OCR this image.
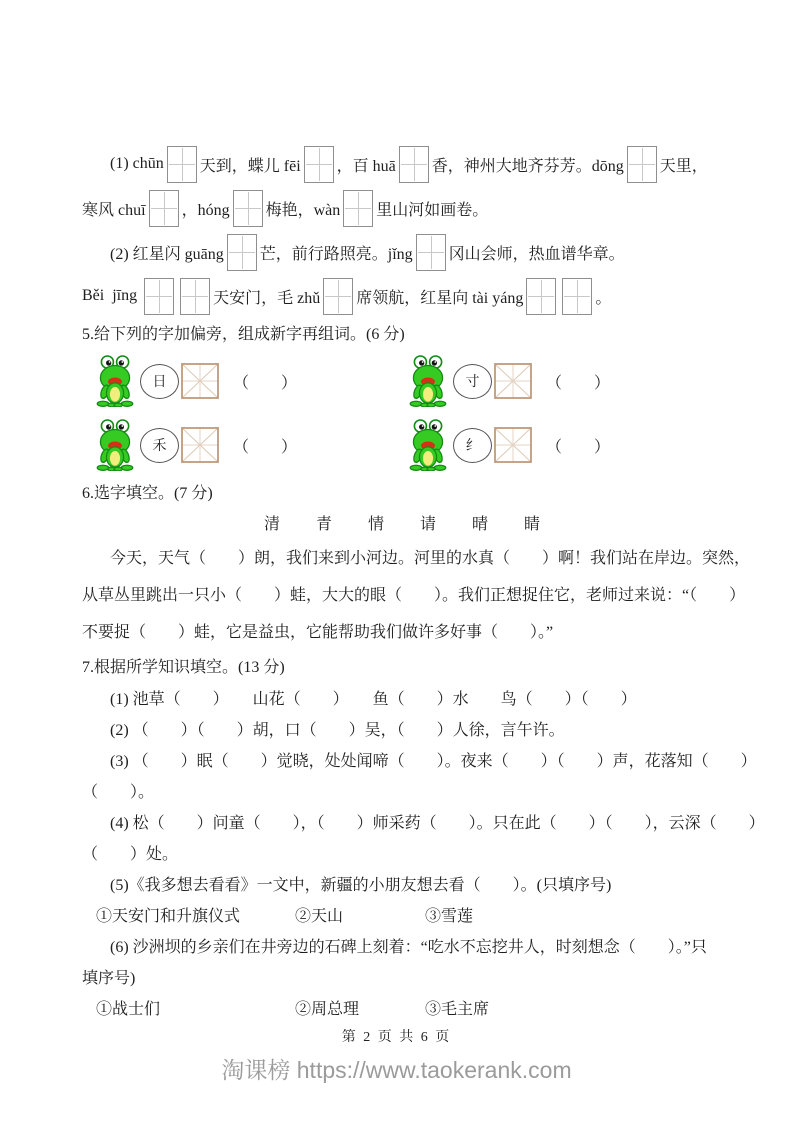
(1) chūn 天到，蝶儿 fēi ，百 huā 香，神州大地齐芬芳。dōng 天里，
寒风 chuī ，hóng 梅艳，wàn 里山河如画卷。
(2) 红星闪 guāng 芒，前行路照亮。jǐng 冈山会师，热血谱华章。
Běi  jīng	天安门，毛 zhǔ 席领航，红星向 tài yáng	。
5.给下列的字加偏旁，组成新字再组词。(6 分)
日	（　　）	寸	（　　）
禾	（　　）	纟	（　　）
6.选字填空。(7 分)
清 青 情 请 晴 睛
今天，天气（　　）朗，我们来到小河边。河里的水真（　　）啊！我们站在岸边。突然，
从草丛里跳出一只小（　　）蛙，大大的眼（　　）。我们正想捉住它，老师过来说：“（　　）
不要捉（　　）蛙，它是益虫，它能帮助我们做许多好事（　　）。”
7.根据所学知识填空。(13 分)
(1) 池草（　　）　　山花（　　）　　鱼（　　）水　　鸟（　　）（　　）
(2) （　　）（　　）胡，口（　　）吴，（　　）人徐，言午许。
(3) （　　）眠（　　）觉晓，处处闻啼（　　）。夜来（　　）（　　）声，花落知（　　）
（　　）。
(4) 松（　　）问童（　　），（　　）师采药（　　）。只在此（　　）（　　），云深（　　）
（　　）处。
(5)《我多想去看看》一文中，新疆的小朋友想去看（　　）。(只填序号)
①天安门和升旗仪式	②天山	③雪莲
(6) 沙洲坝的乡亲们在井旁边的石碑上刻着：“吃水不忘挖井人，时刻想念（　　）。”只
填序号)
①战士们	②周总理	③毛主席
第 2 页 共 6 页
淘课榜 https://www.taokerank.com
